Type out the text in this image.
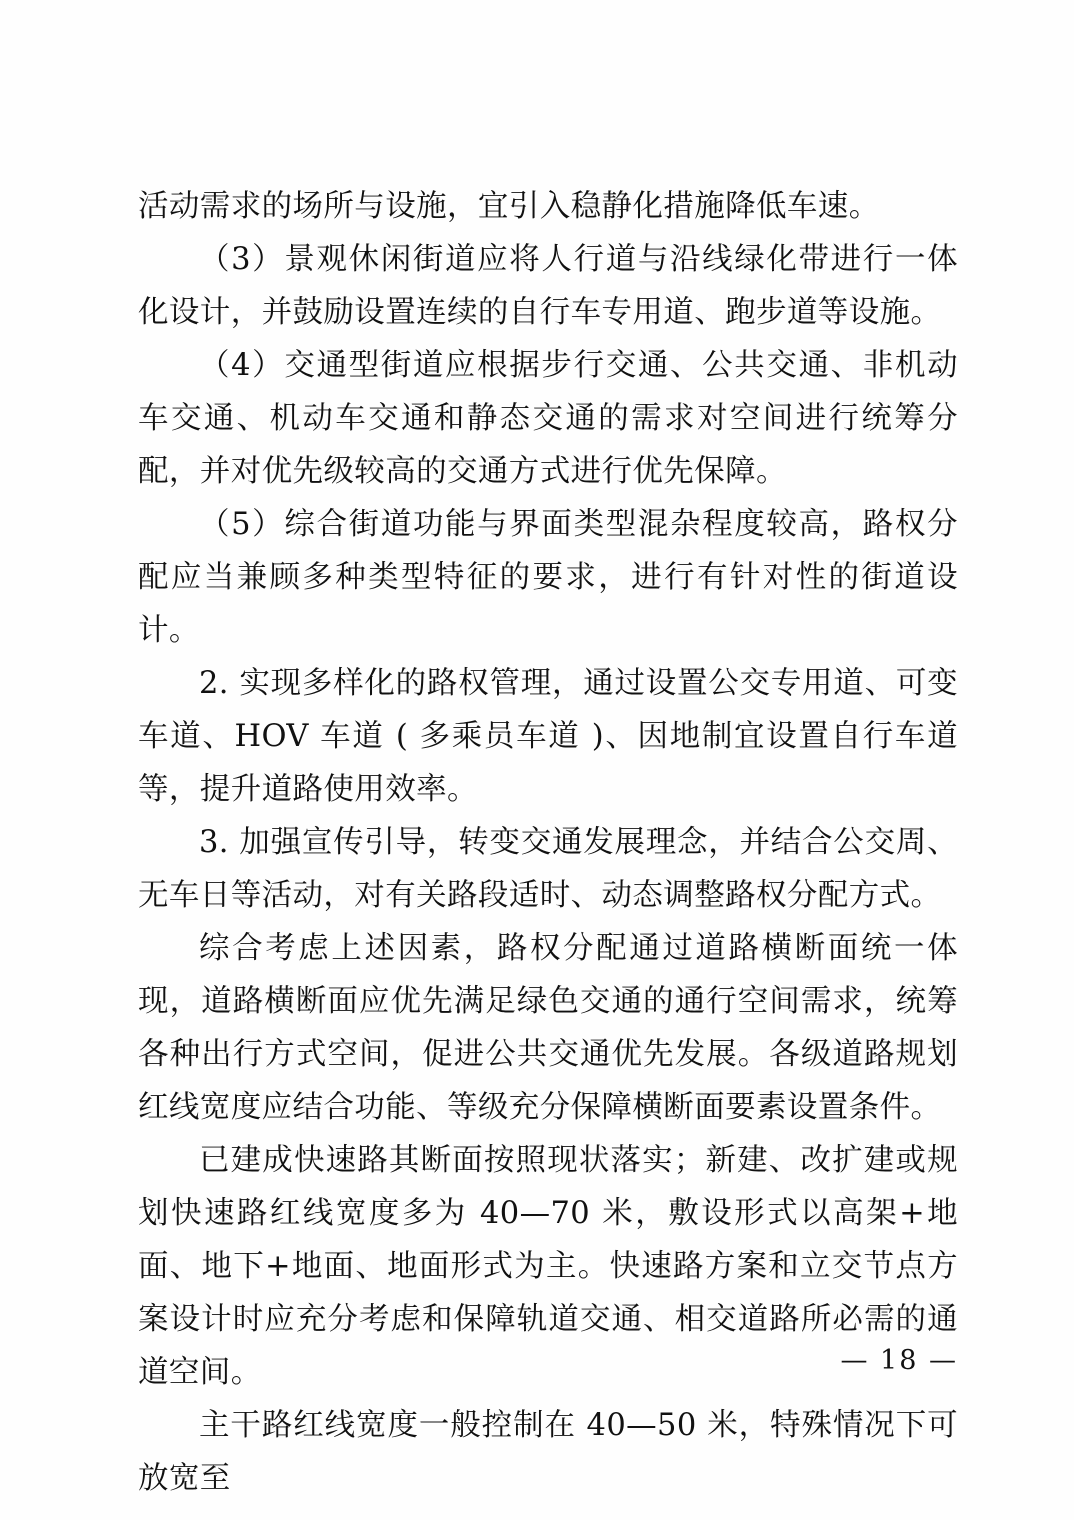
活动需求的场所与设施，宜引入稳静化措施降低车速。

（3）景观休闲街道应将人行道与沿线绿化带进行一体化设计，并鼓励设置连续的自行车专用道、跑步道等设施。

（4）交通型街道应根据步行交通、公共交通、非机动车交通、机动车交通和静态交通的需求对空间进行统筹分配，并对优先级较高的交通方式进行优先保障。

（5）综合街道功能与界面类型混杂程度较高，路权分配应当兼顾多种类型特征的要求，进行有针对性的街道设计。

2. 实现多样化的路权管理，通过设置公交专用道、可变车道、HOV 车道 ( 多乘员车道 )、因地制宜设置自行车道等，提升道路使用效率。

3. 加强宣传引导，转变交通发展理念，并结合公交周、无车日等活动，对有关路段适时、动态调整路权分配方式。

综合考虑上述因素，路权分配通过道路横断面统一体现，道路横断面应优先满足绿色交通的通行空间需求，统筹各种出行方式空间，促进公共交通优先发展。各级道路规划红线宽度应结合功能、等级充分保障横断面要素设置条件。

已建成快速路其断面按照现状落实；新建、改扩建或规划快速路红线宽度多为 40—70 米，敷设形式以高架+地面、地下+地面、地面形式为主。快速路方案和立交节点方案设计时应充分考虑和保障轨道交通、相交道路所必需的通道空间。

主干路红线宽度一般控制在 40—50 米，特殊情况下可放宽至

— 18 —
